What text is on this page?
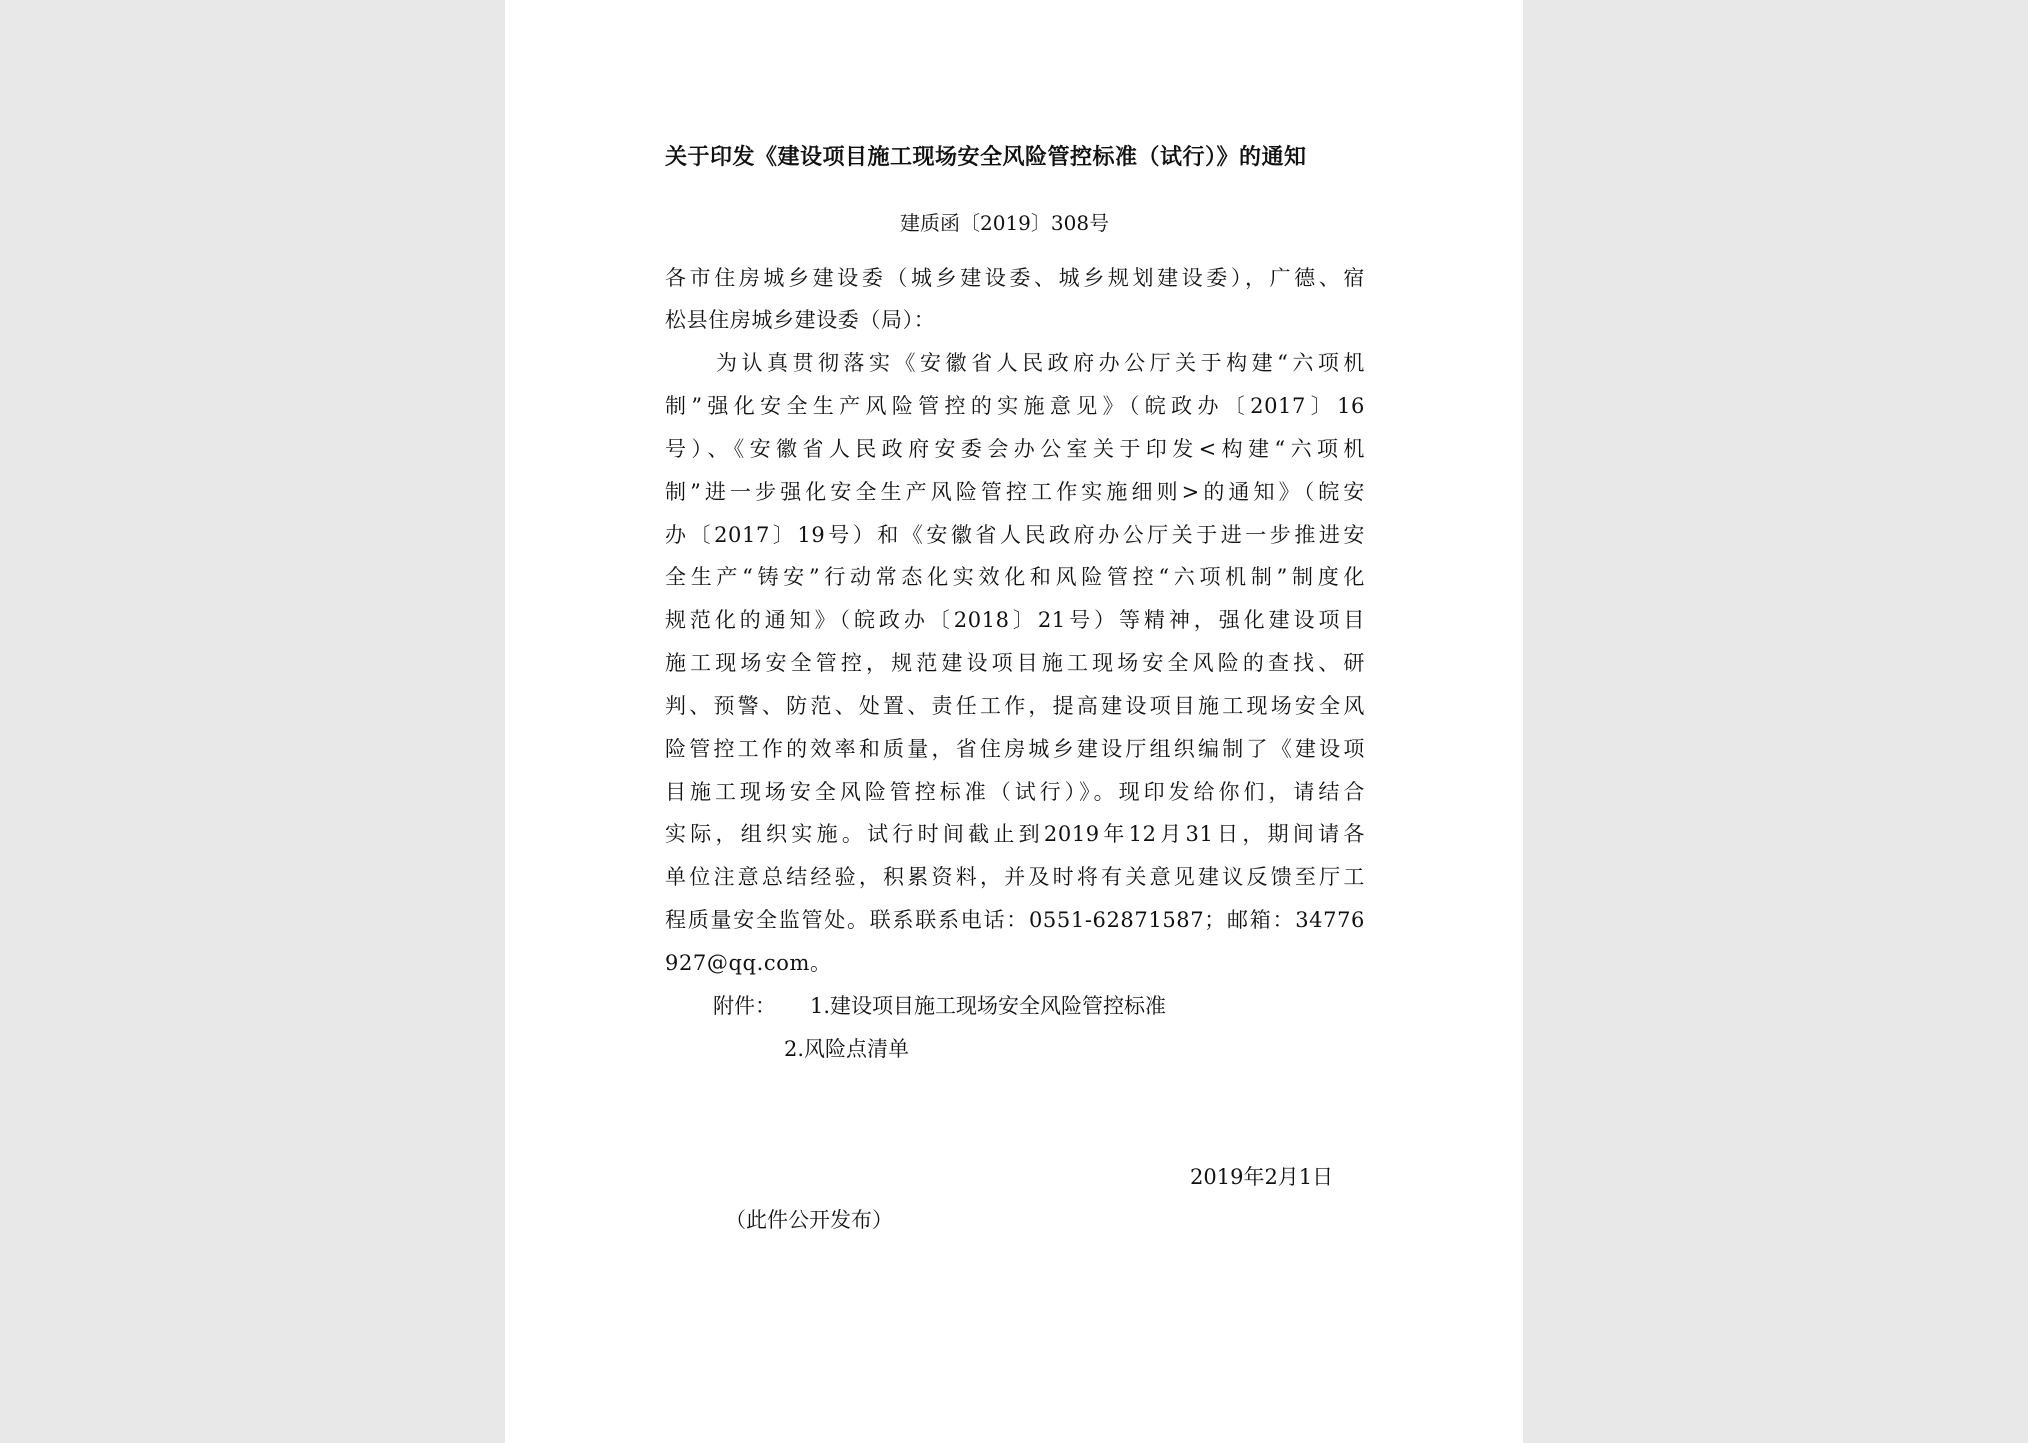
关于印发《建设项目施工现场安全风险管控标准（试行）》的通知
建质函〔2019〕308号
各市住房城乡建设委（城乡建设委、城乡规划建设委），广德、宿
松县住房城乡建设委（局）：
　　为认真贯彻落实《安徽省人民政府办公厅关于构建“六项机
制”强化安全生产风险管控的实施意见》（皖政办〔2017〕16
号）、《安徽省人民政府安委会办公室关于印发<构建“六项机
制”进一步强化安全生产风险管控工作实施细则>的通知》（皖安
办〔2017〕19号）和《安徽省人民政府办公厅关于进一步推进安
全生产“铸安”行动常态化实效化和风险管控“六项机制”制度化
规范化的通知》（皖政办〔2018〕21号）等精神，强化建设项目
施工现场安全管控，规范建设项目施工现场安全风险的查找、研
判、预警、防范、处置、责任工作，提高建设项目施工现场安全风
险管控工作的效率和质量，省住房城乡建设厅组织编制了《建设项
目施工现场安全风险管控标准（试行）》。现印发给你们，请结合
实际，组织实施。试行时间截止到2019年12月31日，期间请各
单位注意总结经验，积累资料，并及时将有关意见建议反馈至厅工
程质量安全监管处。联系联系电话：0551-62871587；邮箱：34776
927@qq.com。
附件： 1.建设项目施工现场安全风险管控标准
2.风险点清单
2019年2月1日
（此件公开发布）
